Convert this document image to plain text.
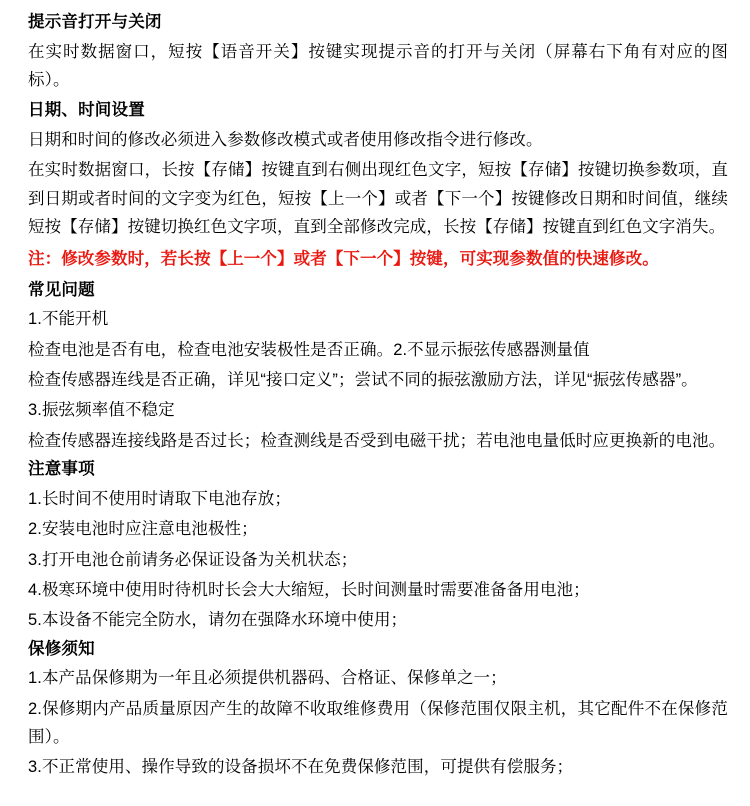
提示音打开与关闭

在实时数据窗口，短按【语音开关】按键实现提示音的打开与关闭（屏幕右下角有对应的图标）。

日期、时间设置

日期和时间的修改必须进入参数修改模式或者使用修改指令进行修改。

在实时数据窗口，长按【存储】按键直到右侧出现红色文字，短按【存储】按键切换参数项，直到日期或者时间的文字变为红色，短按【上一个】或者【下一个】按键修改日期和时间值，继续短按【存储】按键切换红色文字项，直到全部修改完成，长按【存储】按键直到红色文字消失。

注：修改参数时，若长按【上一个】或者【下一个】按键，可实现参数值的快速修改。

常见问题

1.不能开机

检查电池是否有电，检查电池安装极性是否正确。2.不显示振弦传感器测量值

检查传感器连线是否正确，详见“接口定义”；尝试不同的振弦激励方法，详见“振弦传感器”。

3.振弦频率值不稳定

检查传感器连接线路是否过长；检查测线是否受到电磁干扰；若电池电量低时应更换新的电池。

注意事项

1.长时间不使用时请取下电池存放；

2.安装电池时应注意电池极性；

3.打开电池仓前请务必保证设备为关机状态；

4.极寒环境中使用时待机时长会大大缩短，长时间测量时需要准备备用电池；

5.本设备不能完全防水，请勿在强降水环境中使用；

保修须知

1.本产品保修期为一年且必须提供机器码、合格证、保修单之一；

2.保修期内产品质量原因产生的故障不收取维修费用（保修范围仅限主机，其它配件不在保修范围）。

3.不正常使用、操作导致的设备损坏不在免费保修范围，可提供有偿服务；
